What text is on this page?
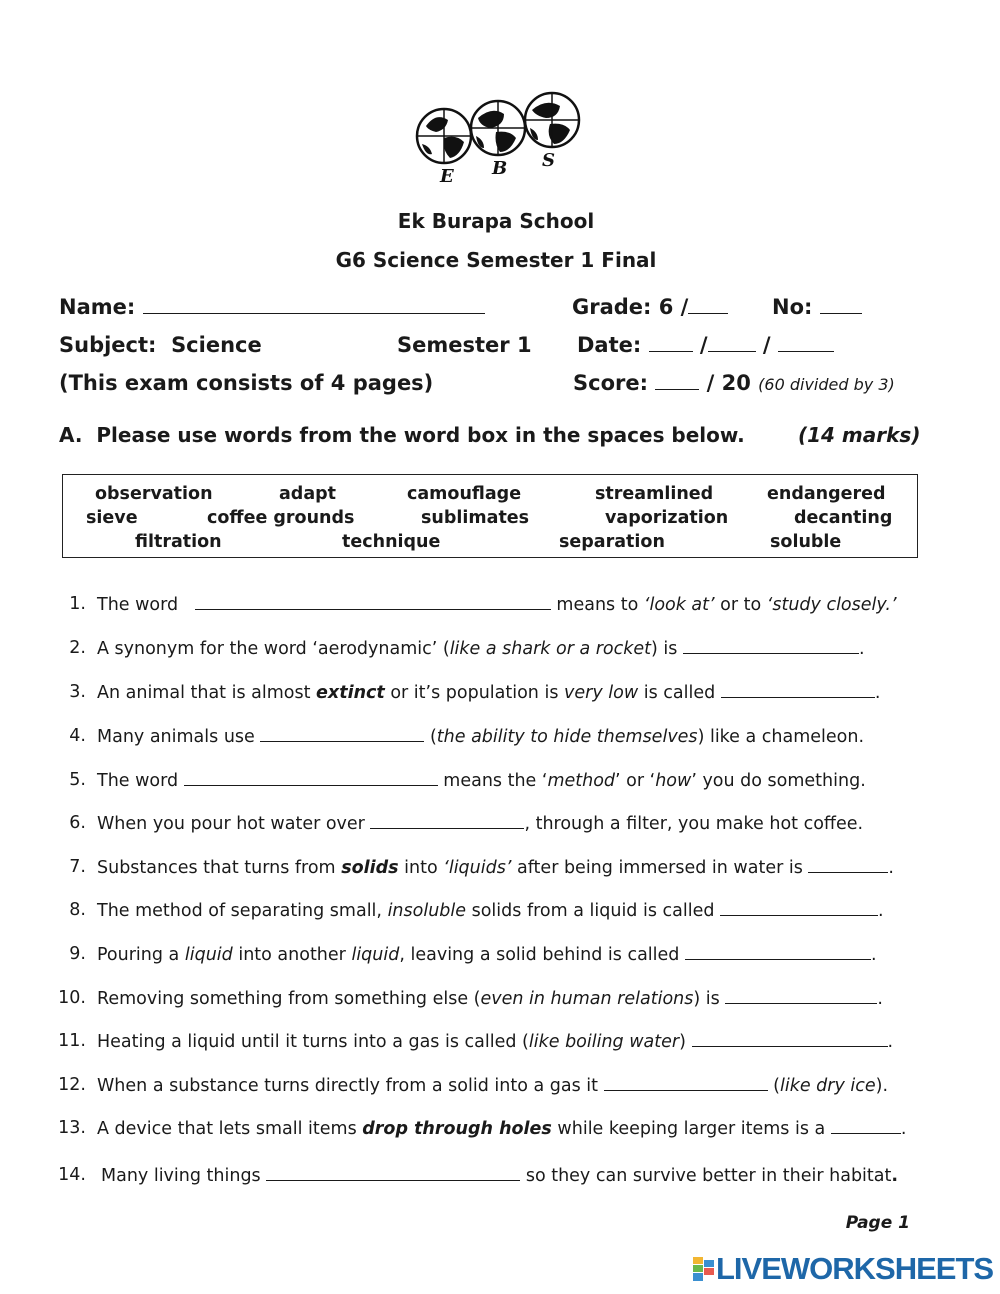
E B S
Ek Burapa School
G6 Science Semester 1 Final
Name:	Grade: 6 /	No:
Subject: Science	Semester 1 Date:	/	/
(This exam consists of 4 pages)	Score:	/ 20 (60 divided by 3)
A. Please use words from the word box in the spaces below.	(14 marks)
observation	adapt	camouflage	streamlined	endangered
sieve	coffee grounds	sublimates	vaporization	decanting
filtration	technique	separation	soluble
1. The word	means to ‘look at’ or to ‘study closely.’
2. A synonym for the word ‘aerodynamic’ (like a shark or a rocket) is	.
3. An animal that is almost extinct or it’s population is very low is called	.
4. Many animals use	(the ability to hide themselves) like a chameleon.
5. The word	means the ‘method’ or ‘how’ you do something.
6. When you pour hot water over	, through a filter, you make hot coffee.
7. Substances that turns from solids into ‘liquids’ after being immersed in water is	.
8. The method of separating small, insoluble solids from a liquid is called	.
9. Pouring a liquid into another liquid, leaving a solid behind is called	.
10. Removing something from something else (even in human relations) is	.
11. Heating a liquid until it turns into a gas is called (like boiling water)	.
12. When a substance turns directly from a solid into a gas it	(like dry ice).
13. A device that lets small items drop through holes while keeping larger items is a	.
14. Many living things	so they can survive better in their habitat.
Page 1
LIVEWORKSHEETS
